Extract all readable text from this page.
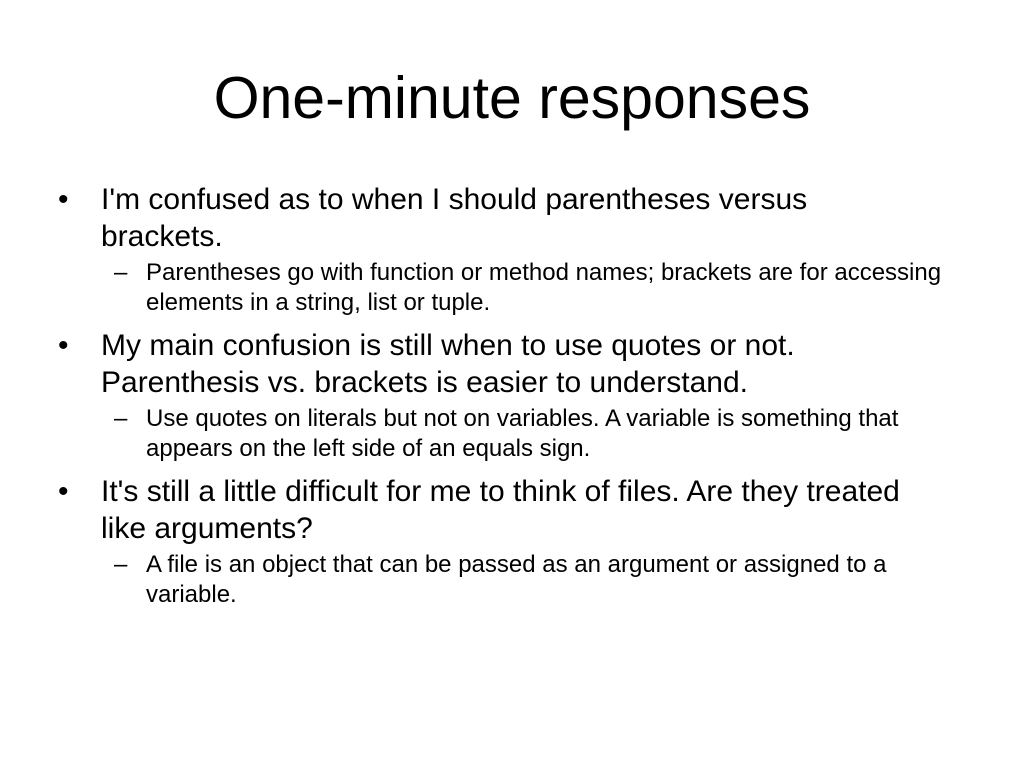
One-minute responses
• I'm confused as to when I should parentheses versus brackets.
– Parentheses go with function or method names; brackets are for accessing elements in a string, list or tuple.
• My main confusion is still when to use quotes or not. Parenthesis vs. brackets is easier to understand.
– Use quotes on literals but not on variables. A variable is something that appears on the left side of an equals sign.
• It's still a little difficult for me to think of files. Are they treated like arguments?
– A file is an object that can be passed as an argument or assigned to a variable.
